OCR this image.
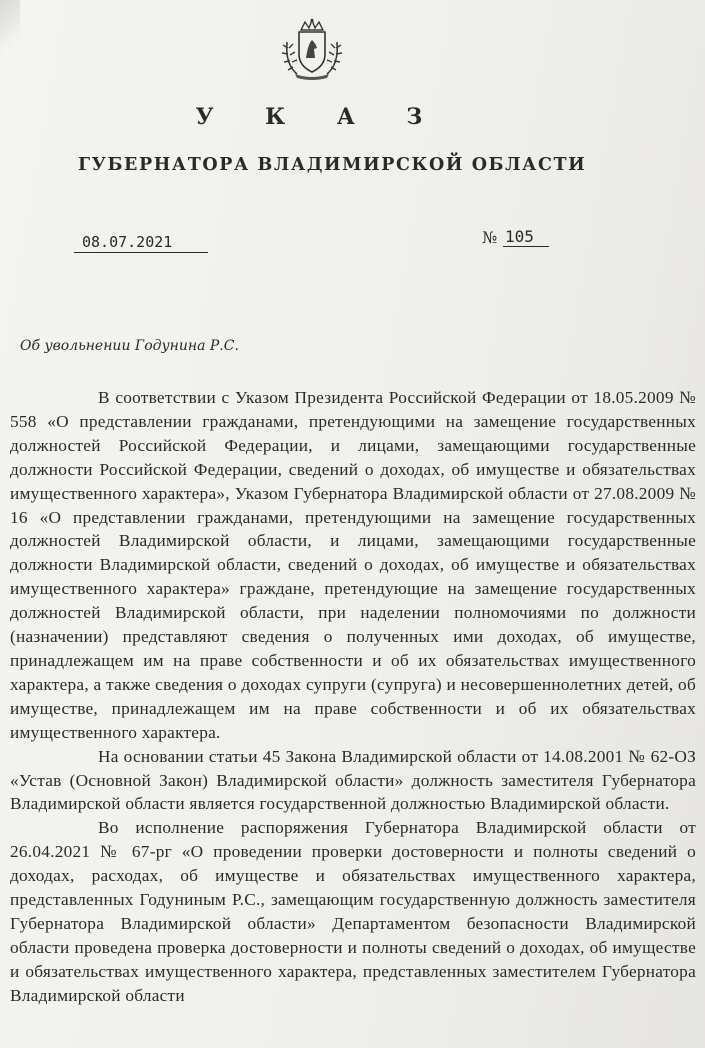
У К А З
ГУБЕРНАТОРА ВЛАДИМИРСКОЙ ОБЛАСТИ
08.07.2021	№ 105
Об увольнении Годунина Р.С.

В соответствии с Указом Президента Российской Федерации от 18.05.2009 № 558 «О представлении гражданами, претендующими на замещение государственных должностей Российской Федерации, и лицами, замещающими государственные должности Российской Федерации, сведений о доходах, об имуществе и обязательствах имущественного характера», Указом Губернатора Владимирской области от 27.08.2009 № 16 «О представлении гражданами, претендующими на замещение государственных должностей Владимирской области, и лицами, замещающими государственные должности Владимирской области, сведений о доходах, об имуществе и обязательствах имущественного характера» граждане, претендующие на замещение государственных должностей Владимирской области, при наделении полномочиями по должности (назначении) представляют сведения о полученных ими доходах, об имуществе, принадлежащем им на праве собственности и об их обязательствах имущественного характера, а также сведения о доходах супруги (супруга) и несовершеннолетних детей, об имуществе, принадлежащем им на праве собственности и об их обязательствах имущественного характера.

На основании статьи 45 Закона Владимирской области от 14.08.2001 № 62-ОЗ «Устав (Основной Закон) Владимирской области» должность заместителя Губернатора Владимирской области является государственной должностью Владимирской области.

Во исполнение распоряжения Губернатора Владимирской области от 26.04.2021 № 67-рг «О проведении проверки достоверности и полноты сведений о доходах, расходах, об имуществе и обязательствах имущественного характера, представленных Годуниным Р.С., замещающим государственную должность заместителя Губернатора Владимирской области» Департаментом безопасности Владимирской области проведена проверка достоверности и полноты сведений о доходах, об имуществе и обязательствах имущественного характера, представленных заместителем Губернатора Владимирской области
